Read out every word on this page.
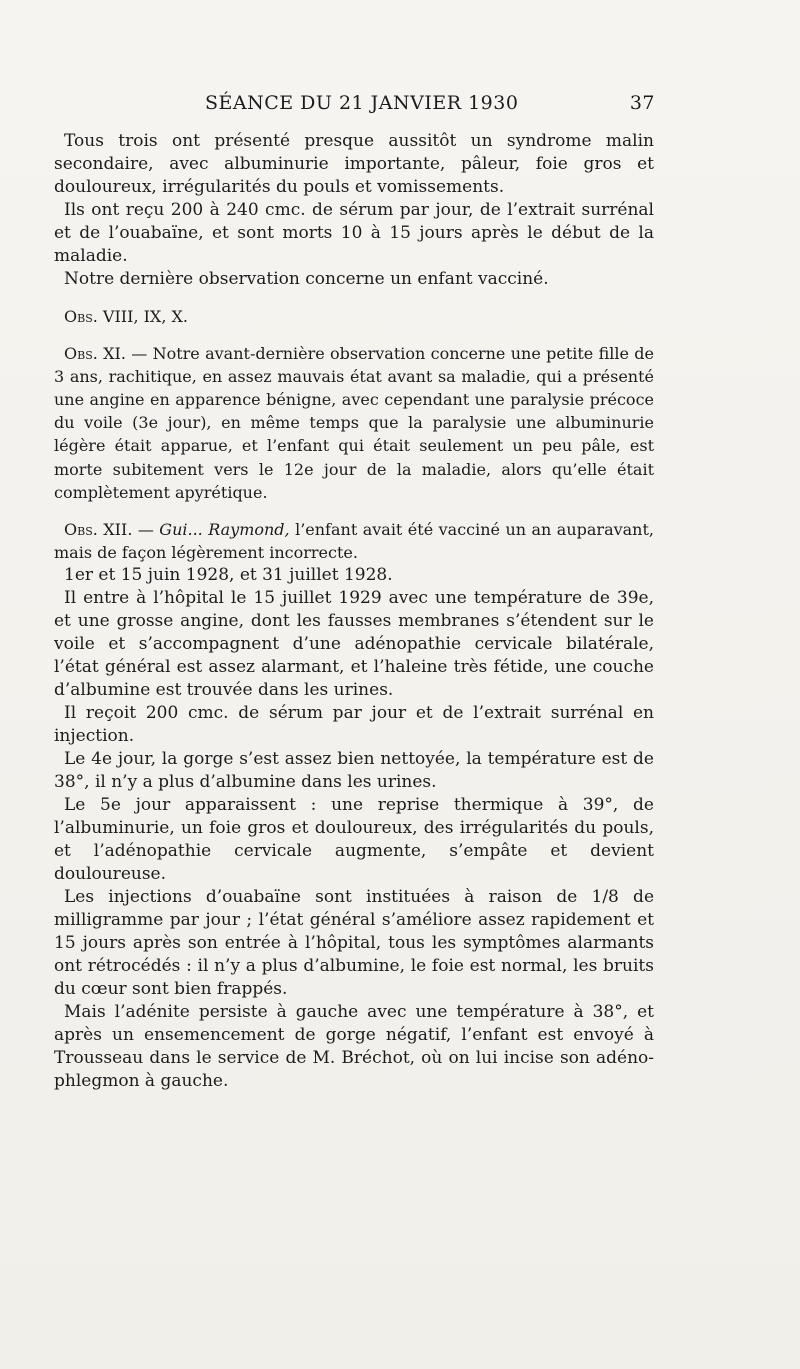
SÉANCE DU 21 JANVIER 1930	37

Tous trois ont présenté presque aussitôt un syndrome malin secondaire, avec albuminurie importante, pâleur, foie gros et douloureux, irrégularités du pouls et vomissements.

Ils ont reçu 200 à 240 cmc. de sérum par jour, de l’extrait surrénal et de l’ouabaïne, et sont morts 10 à 15 jours après le début de la maladie.

Notre dernière observation concerne un enfant vacciné.

Obs. VIII, IX, X.

Obs. XI. — Notre avant-dernière observation concerne une petite fille de 3 ans, rachitique, en assez mauvais état avant sa maladie, qui a présenté une angine en apparence bénigne, avec cependant une paralysie précoce du voile (3e jour), en même temps que la paralysie une albuminurie légère était apparue, et l’enfant qui était seulement un peu pâle, est morte subitement vers le 12e jour de la maladie, alors qu’elle était complètement apyrétique.

Obs. XII. — Gui... Raymond, l’enfant avait été vacciné un an auparavant, mais de façon légèrement incorrecte.

1er et 15 juin 1928, et 31 juillet 1928.

Il entre à l’hôpital le 15 juillet 1929 avec une température de 39e, et une grosse angine, dont les fausses membranes s’étendent sur le voile et s’accompagnent d’une adénopathie cervicale bilatérale, l’état général est assez alarmant, et l’haleine très fétide, une couche d’albumine est trouvée dans les urines.

Il reçoit 200 cmc. de sérum par jour et de l’extrait surrénal en injection.

Le 4e jour, la gorge s’est assez bien nettoyée, la température est de 38°, il n’y a plus d’albumine dans les urines.

Le 5e jour apparaissent : une reprise thermique à 39°, de l’albuminurie, un foie gros et douloureux, des irrégularités du pouls, et l’adénopathie cervicale augmente, s’empâte et devient douloureuse.

Les injections d’ouabaïne sont instituées à raison de 1/8 de milligramme par jour ; l’état général s’améliore assez rapidement et 15 jours après son entrée à l’hôpital, tous les symptômes alarmants ont rétrocédés : il n’y a plus d’albumine, le foie est normal, les bruits du cœur sont bien frappés.

Mais l’adénite persiste à gauche avec une température à 38°, et après un ensemencement de gorge négatif, l’enfant est envoyé à Trousseau dans le service de M. Bréchot, où on lui incise son adéno-phlegmon à gauche.
